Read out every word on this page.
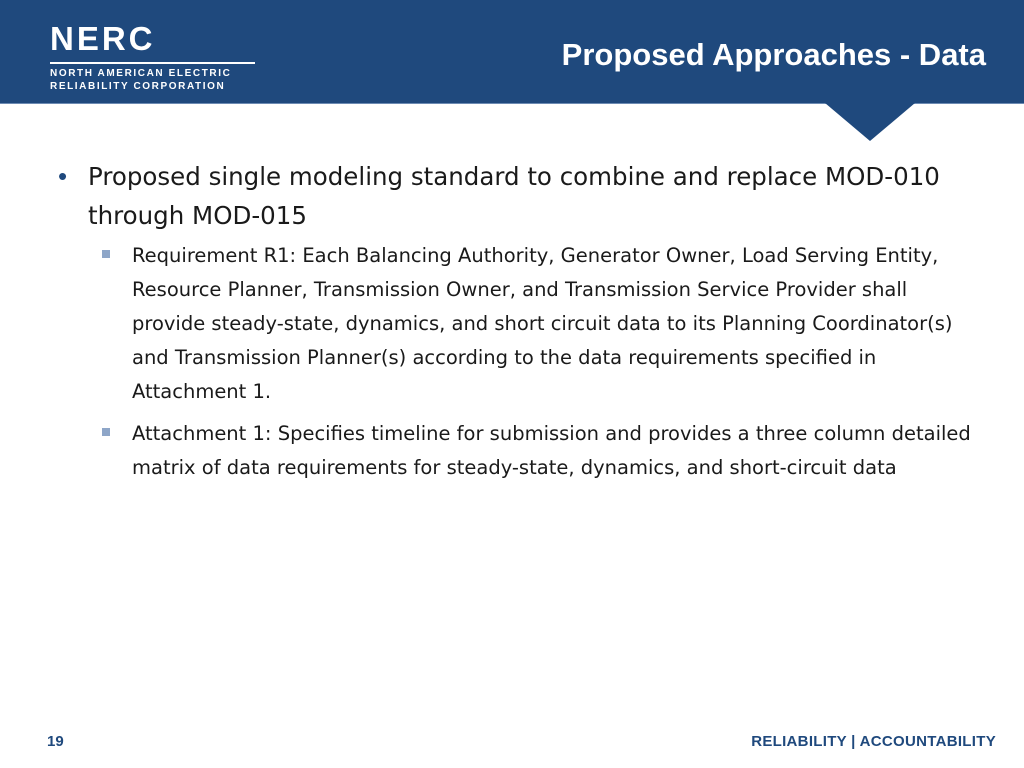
NERC
NORTH AMERICAN ELECTRIC
RELIABILITY CORPORATION
Proposed Approaches - Data
• Proposed single modeling standard to combine and replace MOD-010 through MOD-015
Requirement R1: Each Balancing Authority, Generator Owner, Load Serving Entity, Resource Planner, Transmission Owner, and Transmission Service Provider shall provide steady-state, dynamics, and short circuit data to its Planning Coordinator(s) and Transmission Planner(s) according to the data requirements specified in Attachment 1.
Attachment 1: Specifies timeline for submission and provides a three column detailed matrix of data requirements for steady-state, dynamics, and short-circuit data
19	RELIABILITY | ACCOUNTABILITY
